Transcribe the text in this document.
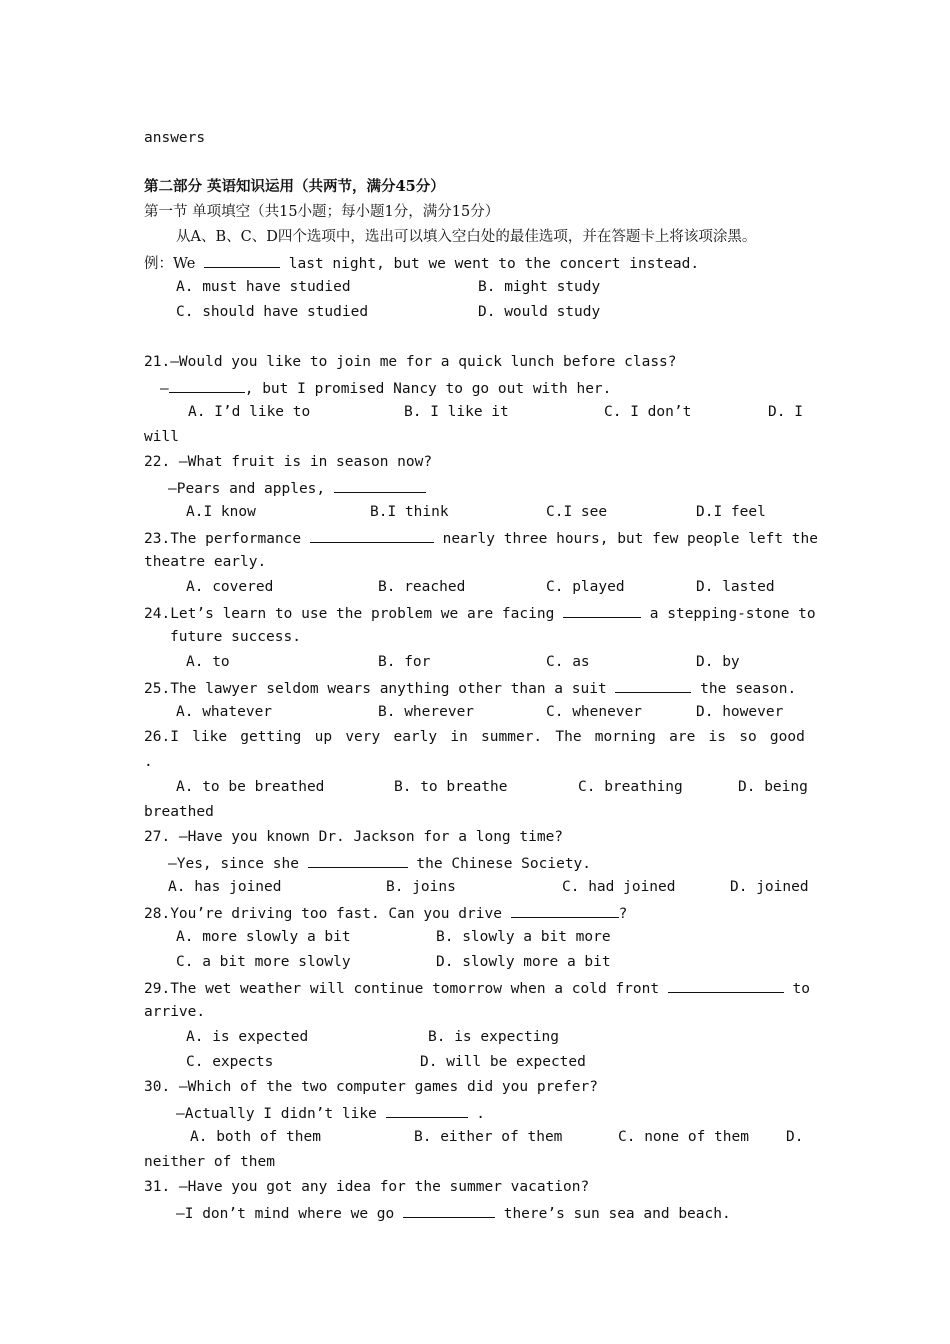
answers
第二部分 英语知识运用（共两节，满分45分）
第一节 单项填空（共15小题；每小题1分，满分15分）
从A、B、C、D四个选项中，选出可以填入空白处的最佳选项，并在答题卡上将该项涂黑。
例：We	last night, but we went to the concert instead.
A. must have studied	B. might study
C. should have studied	D. would study
21.—Would you like to join me for a quick lunch before class?
—	, but I promised Nancy to go out with her.
A. I’d like to	B. I like it	C. I don’t	D. I
will
22. —What fruit is in season now?
—Pears and apples,
A.I know	B.I think	C.I see	D.I feel
23.The performance	nearly three hours, but few people left the
theatre early.
A. covered	B. reached	C. played	D. lasted
24.Let’s learn to use the problem we are facing	a stepping-stone to
future success.
A. to	B. for	C. as	D. by
25.The lawyer seldom wears anything other than a suit	the season.
A. whatever	B. wherever	C. whenever	D. however
26.I like getting up very early in summer. The morning are is so good
.
A. to be breathed	B. to breathe	C. breathing	D. being
breathed
27. —Have you known Dr. Jackson for a long time?
—Yes, since she	the Chinese Society.
A. has joined	B. joins	C. had joined	D. joined
28.You’re driving too fast. Can you drive	?
A. more slowly a bit	B. slowly a bit more
C. a bit more slowly	D. slowly more a bit
29.The wet weather will continue tomorrow when a cold front	to
arrive.
A. is expected	B. is expecting
C. expects	D. will be expected
30. —Which of the two computer games did you prefer?
—Actually I didn’t like	.
A. both of them	B. either of them	C. none of them	D.
neither of them
31. —Have you got any idea for the summer vacation?
—I don’t mind where we go	there’s sun sea and beach.
